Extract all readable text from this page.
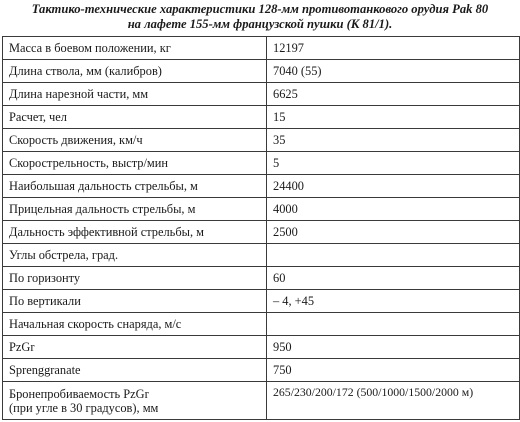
Тактико-технические характеристики 128-мм противотанкового орудия Pak 80
на лафете 155-мм французской пушки (К 81/1).
Масса в боевом положении, кг	12197
Длина ствола, мм (калибров)	7040 (55)
Длина нарезной части, мм	6625
Расчет, чел	15
Скорость движения, км/ч	35
Скорострельность, выстр/мин	5
Наибольшая дальность стрельбы, м	24400
Прицельная дальность стрельбы, м	4000
Дальность эффективной стрельбы, м	2500
Углы обстрела, град.	
По горизонту	60
По вертикали	– 4, +45
Начальная скорость снаряда, м/с	
PzGr	950
Sprenggranate	750

Бронепробиваемость PzGr
(при угле в 30 градусов), мм	265/230/200/172 (500/1000/1500/2000 м)
